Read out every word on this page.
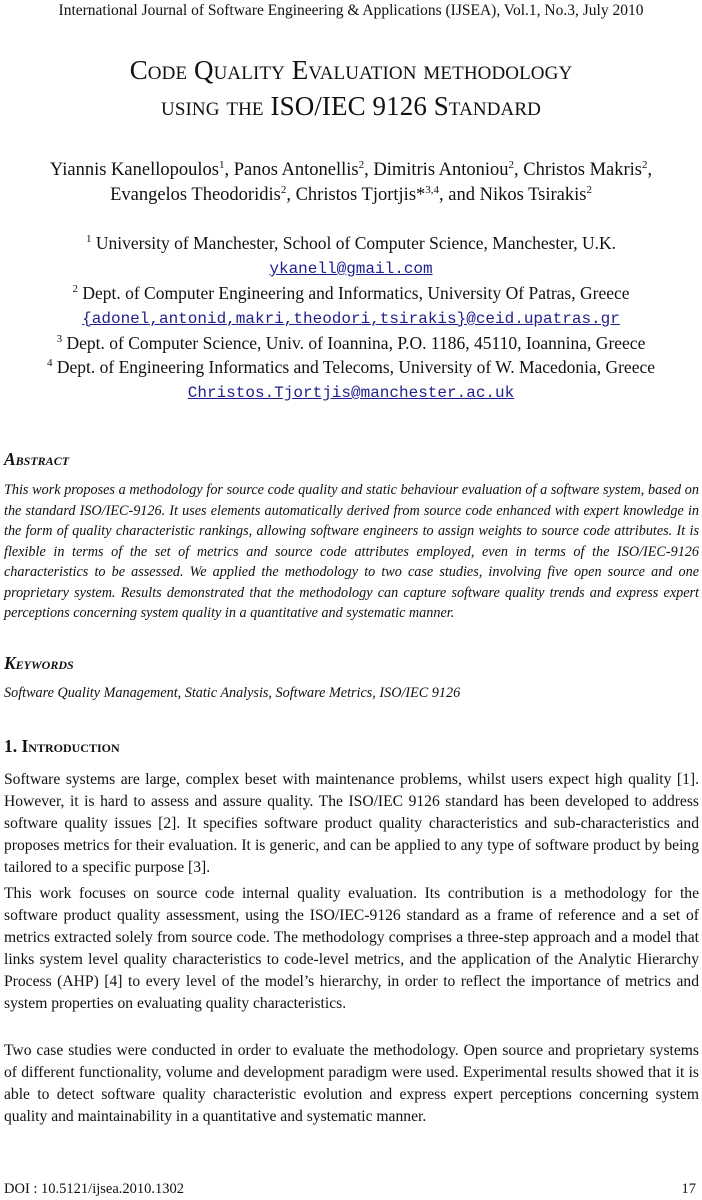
International Journal of Software Engineering & Applications (IJSEA), Vol.1, No.3, July 2010
Code Quality Evaluation methodology
using the ISO/IEC 9126 Standard
Yiannis Kanellopoulos$^1$, Panos Antonellis$^2$, Dimitris Antoniou$^2$, Christos Makris$^2$, Evangelos Theodoridis$^2$, Christos Tjortjis*$^{3,4}$, and Nikos Tsirakis$^2$
$^1$ University of Manchester, School of Computer Science, Manchester, U.K.
ykanell@gmail.com
$^2$ Dept. of Computer Engineering and Informatics, University Of Patras, Greece
{adonel,antonid,makri,theodori,tsirakis}@ceid.upatras.gr
$^3$ Dept. of Computer Science, Univ. of Ioannina, P.O. 1186, 45110, Ioannina, Greece
$^4$ Dept. of Engineering Informatics and Telecoms, University of W. Macedonia, Greece
Christos.Tjortjis@manchester.ac.uk
Abstract
This work proposes a methodology for source code quality and static behaviour evaluation of a software system, based on the standard ISO/IEC-9126. It uses elements automatically derived from source code enhanced with expert knowledge in the form of quality characteristic rankings, allowing software engineers to assign weights to source code attributes. It is flexible in terms of the set of metrics and source code attributes employed, even in terms of the ISO/IEC-9126 characteristics to be assessed. We applied the methodology to two case studies, involving five open source and one proprietary system. Results demonstrated that the methodology can capture software quality trends and express expert perceptions concerning system quality in a quantitative and systematic manner.
Keywords
Software Quality Management, Static Analysis, Software Metrics, ISO/IEC 9126
1. Introduction
Software systems are large, complex beset with maintenance problems, whilst users expect high quality [1]. However, it is hard to assess and assure quality. The ISO/IEC 9126 standard has been developed to address software quality issues [2]. It specifies software product quality characteristics and sub-characteristics and proposes metrics for their evaluation. It is generic, and can be applied to any type of software product by being tailored to a specific purpose [3].
This work focuses on source code internal quality evaluation. Its contribution is a methodology for the software product quality assessment, using the ISO/IEC-9126 standard as a frame of reference and a set of metrics extracted solely from source code. The methodology comprises a three-step approach and a model that links system level quality characteristics to code-level metrics, and the application of the Analytic Hierarchy Process (AHP) [4] to every level of the model’s hierarchy, in order to reflect the importance of metrics and system properties on evaluating quality characteristics.
Two case studies were conducted in order to evaluate the methodology. Open source and proprietary systems of different functionality, volume and development paradigm were used. Experimental results showed that it is able to detect software quality characteristic evolution and express expert perceptions concerning system quality and maintainability in a quantitative and systematic manner.
DOI : 10.5121/ijsea.2010.1302	17
